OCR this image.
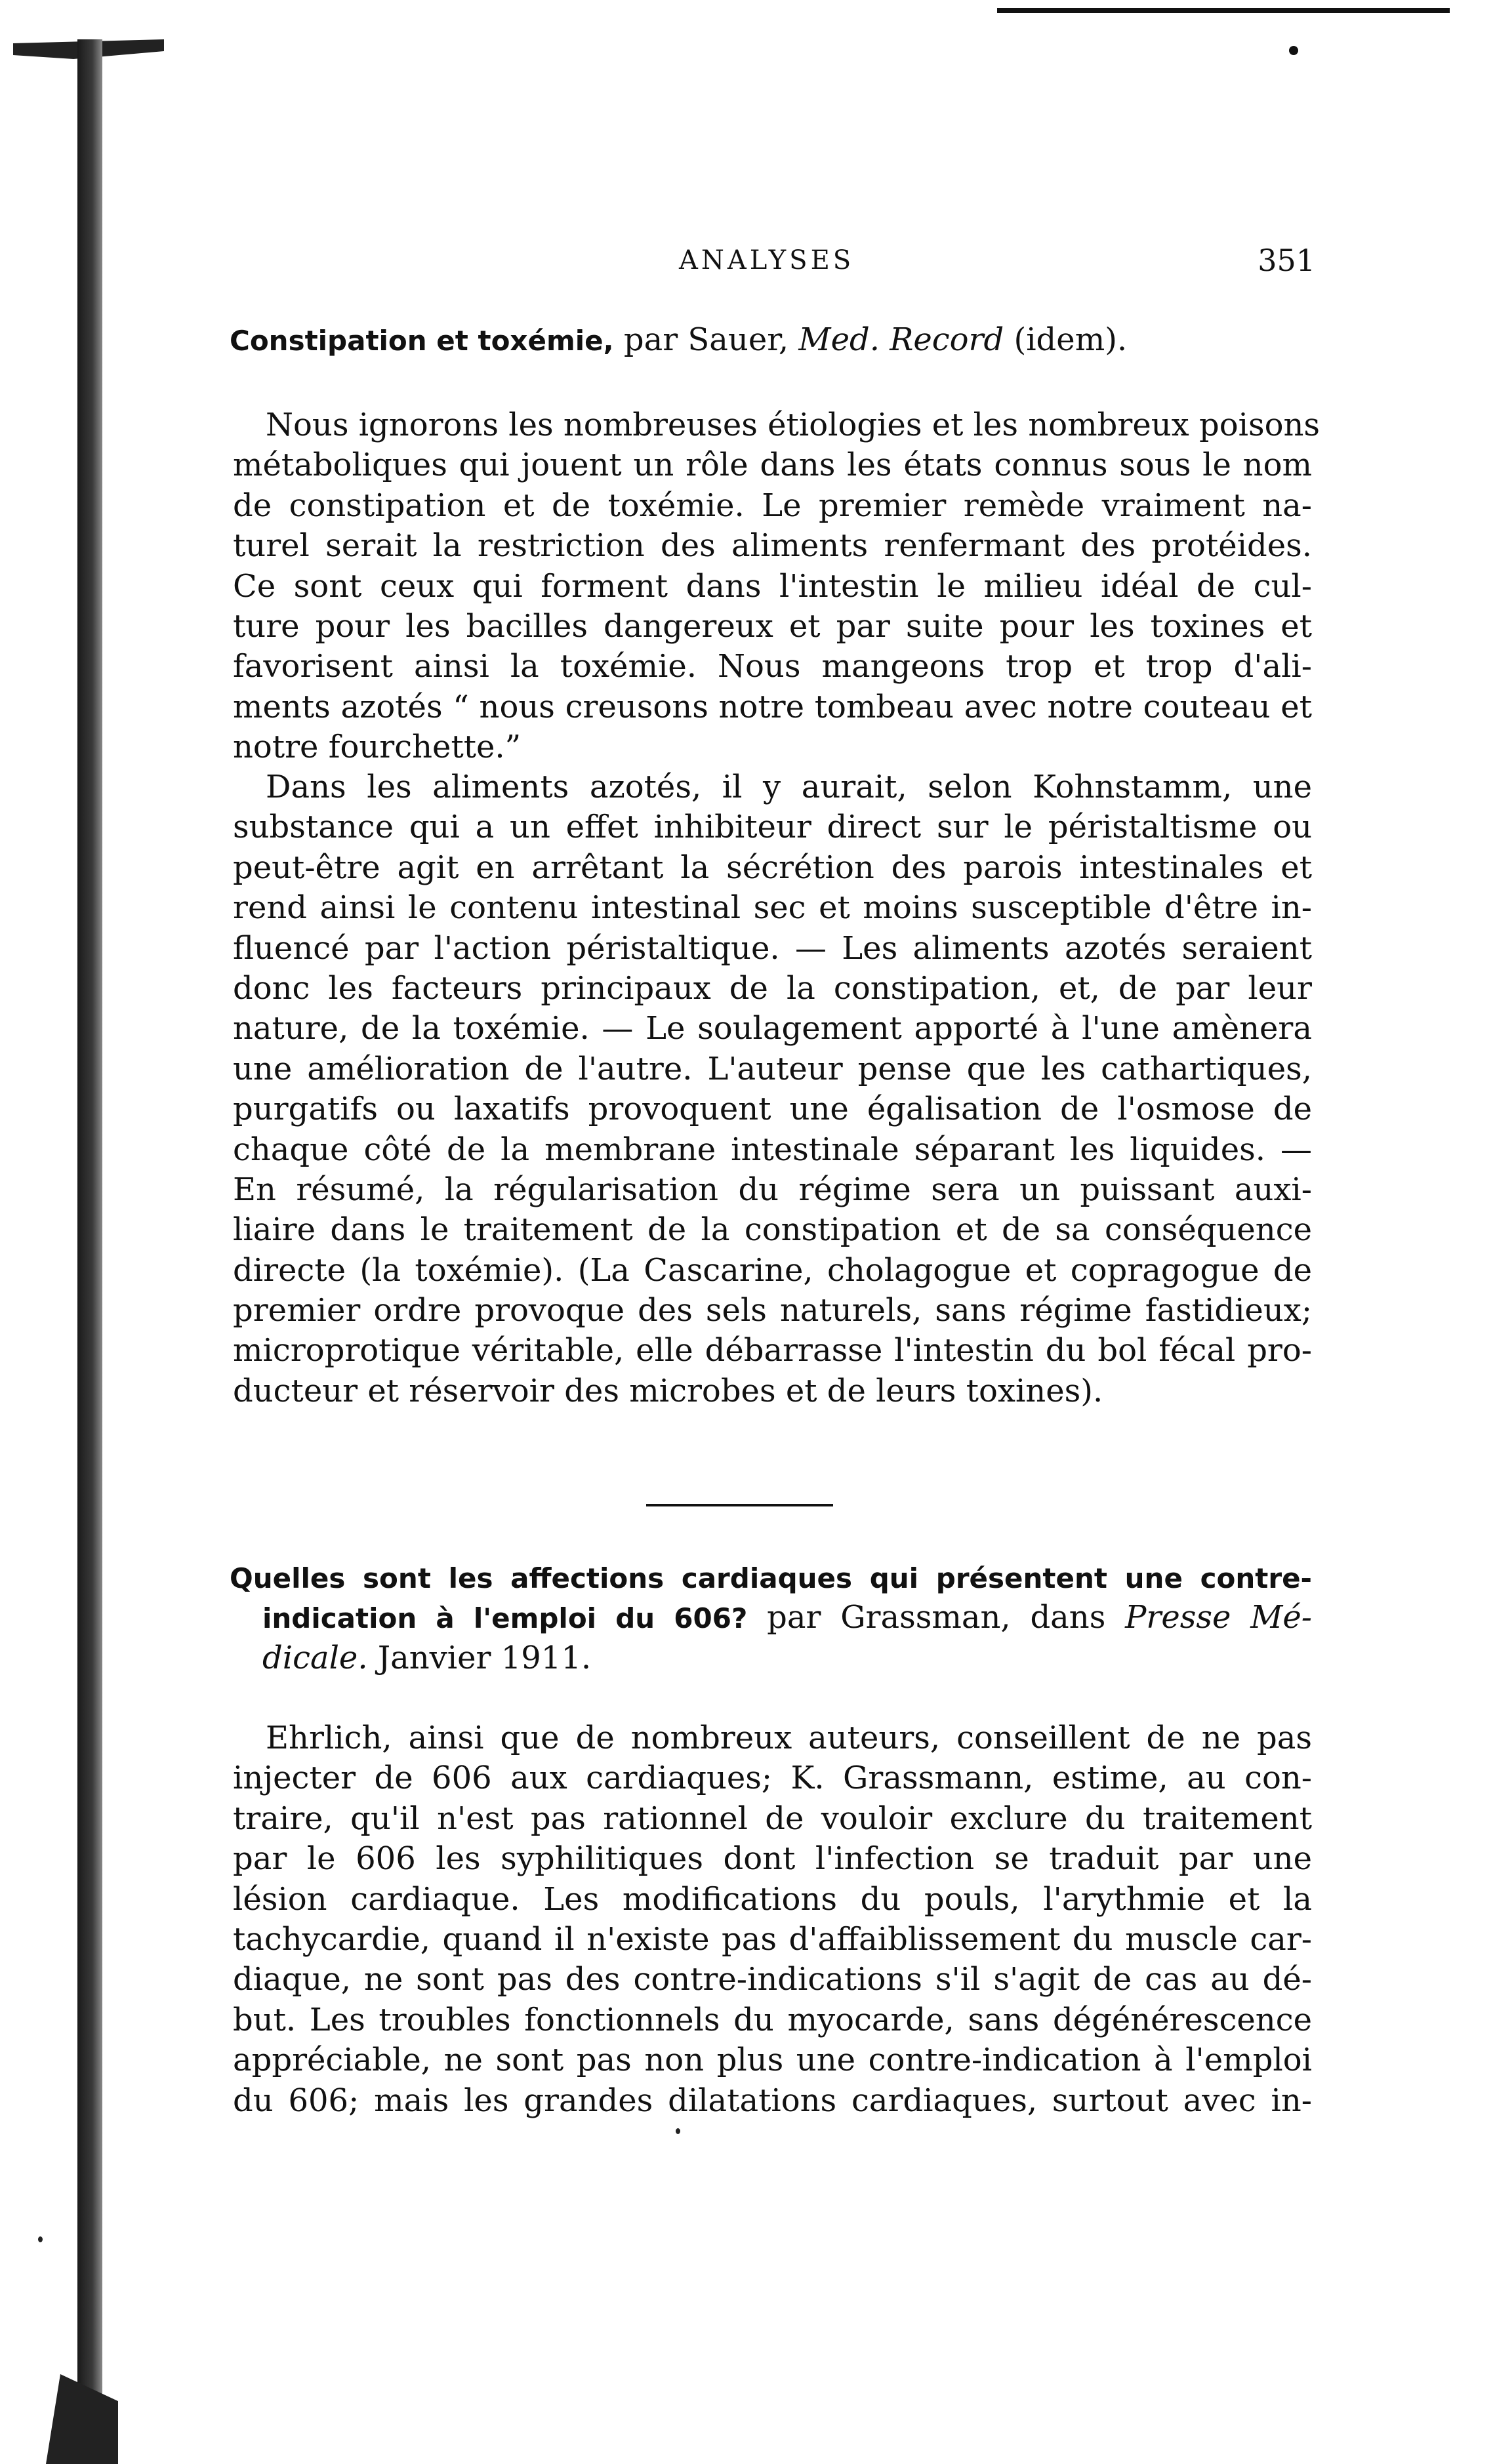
ANALYSES	351
Constipation et toxémie, par Sauer, Med. Record (idem).
Nous ignorons les nombreuses étiologies et les nombreux poisons
métaboliques qui jouent un rôle dans les états connus sous le nom
de constipation et de toxémie. Le premier remède vraiment na-
turel serait la restriction des aliments renfermant des protéides.
Ce sont ceux qui forment dans l'intestin le milieu idéal de cul-
ture pour les bacilles dangereux et par suite pour les toxines et
favorisent ainsi la toxémie. Nous mangeons trop et trop d'ali-
ments azotés “ nous creusons notre tombeau avec notre couteau et
notre fourchette.”
Dans les aliments azotés, il y aurait, selon Kohnstamm, une
substance qui a un effet inhibiteur direct sur le péristaltisme ou
peut-être agit en arrêtant la sécrétion des parois intestinales et
rend ainsi le contenu intestinal sec et moins susceptible d'être in-
fluencé par l'action péristaltique. — Les aliments azotés seraient
donc les facteurs principaux de la constipation, et, de par leur
nature, de la toxémie. — Le soulagement apporté à l'une amènera
une amélioration de l'autre. L'auteur pense que les cathartiques,
purgatifs ou laxatifs provoquent une égalisation de l'osmose de
chaque côté de la membrane intestinale séparant les liquides. —
En résumé, la régularisation du régime sera un puissant auxi-
liaire dans le traitement de la constipation et de sa conséquence
directe (la toxémie). (La Cascarine, cholagogue et copragogue de
premier ordre provoque des sels naturels, sans régime fastidieux;
microprotique véritable, elle débarrasse l'intestin du bol fécal pro-
ducteur et réservoir des microbes et de leurs toxines).
Quelles sont les affections cardiaques qui présentent une contre-
indication à l'emploi du 606? par Grassman, dans Presse Mé-
dicale. Janvier 1911.
Ehrlich, ainsi que de nombreux auteurs, conseillent de ne pas
injecter de 606 aux cardiaques; K. Grassmann, estime, au con-
traire, qu'il n'est pas rationnel de vouloir exclure du traitement
par le 606 les syphilitiques dont l'infection se traduit par une
lésion cardiaque. Les modifications du pouls, l'arythmie et la
tachycardie, quand il n'existe pas d'affaiblissement du muscle car-
diaque, ne sont pas des contre-indications s'il s'agit de cas au dé-
but. Les troubles fonctionnels du myocarde, sans dégénérescence
appréciable, ne sont pas non plus une contre-indication à l'emploi
du 606; mais les grandes dilatations cardiaques, surtout avec in-
